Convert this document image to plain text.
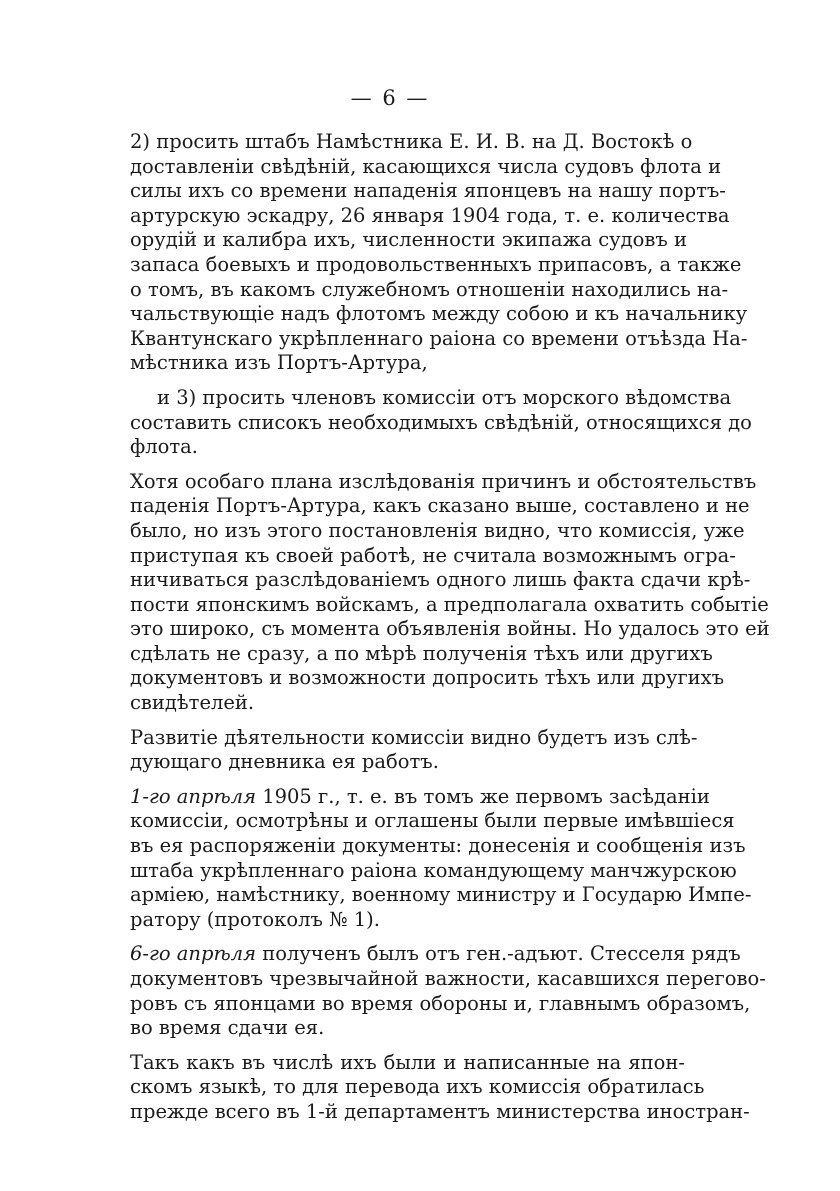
— 6 —
2) просить штабъ Намѣстника Е. И. В. на Д. Востокѣ о
доставленіи свѣдѣній, касающихся числа судовъ флота и
силы ихъ со времени нападенія японцевъ на нашу портъ-
артурскую эскадру, 26 января 1904 года, т. е. количества
орудій и калибра ихъ, численности экипажа судовъ и
запаса боевыхъ и продовольственныхъ припасовъ, а также
о томъ, въ какомъ служебномъ отношеніи находились на-
чальствующіе надъ флотомъ между собою и къ начальнику
Квантунскаго укрѣпленнаго раіона со времени отъѣзда На-
мѣстника изъ Портъ-Артура,
и 3) просить членовъ комиссіи отъ морского вѣдомства
составить списокъ необходимыхъ свѣдѣній, относящихся до
флота.
Хотя особаго плана изслѣдованія причинъ и обстоятельствъ
паденія Портъ-Артура, какъ сказано выше, составлено и не
было, но изъ этого постановленія видно, что комиссія, уже
приступая къ своей работѣ, не считала возможнымъ огра-
ничиваться разслѣдованіемъ одного лишь факта сдачи крѣ-
пости японскимъ войскамъ, а предполагала охватить событіе
это широко, съ момента объявленія войны. Но удалось это ей
сдѣлать не сразу, а по мѣрѣ полученія тѣхъ или другихъ
документовъ и возможности допросить тѣхъ или другихъ
свидѣтелей.
Развитіе дѣятельности комиссіи видно будетъ изъ слѣ-
дующаго дневника ея работъ.
1-го апрѣля 1905 г., т. е. въ томъ же первомъ засѣданіи
комиссіи, осмотрѣны и оглашены были первые имѣвшіеся
въ ея распоряженіи документы: донесенія и сообщенія изъ
штаба укрѣпленнаго раіона командующему манчжурскою
арміею, намѣстнику, военному министру и Государю Импе-
ратору (протоколъ № 1).
6-го апрѣля полученъ былъ отъ ген.-адъют. Стесселя рядъ
документовъ чрезвычайной важности, касавшихся перегово-
ровъ съ японцами во время обороны и, главнымъ образомъ,
во время сдачи ея.
Такъ какъ въ числѣ ихъ были и написанные на япон-
скомъ языкѣ, то для перевода ихъ комиссія обратилась
прежде всего въ 1-й департаментъ министерства иностран-
